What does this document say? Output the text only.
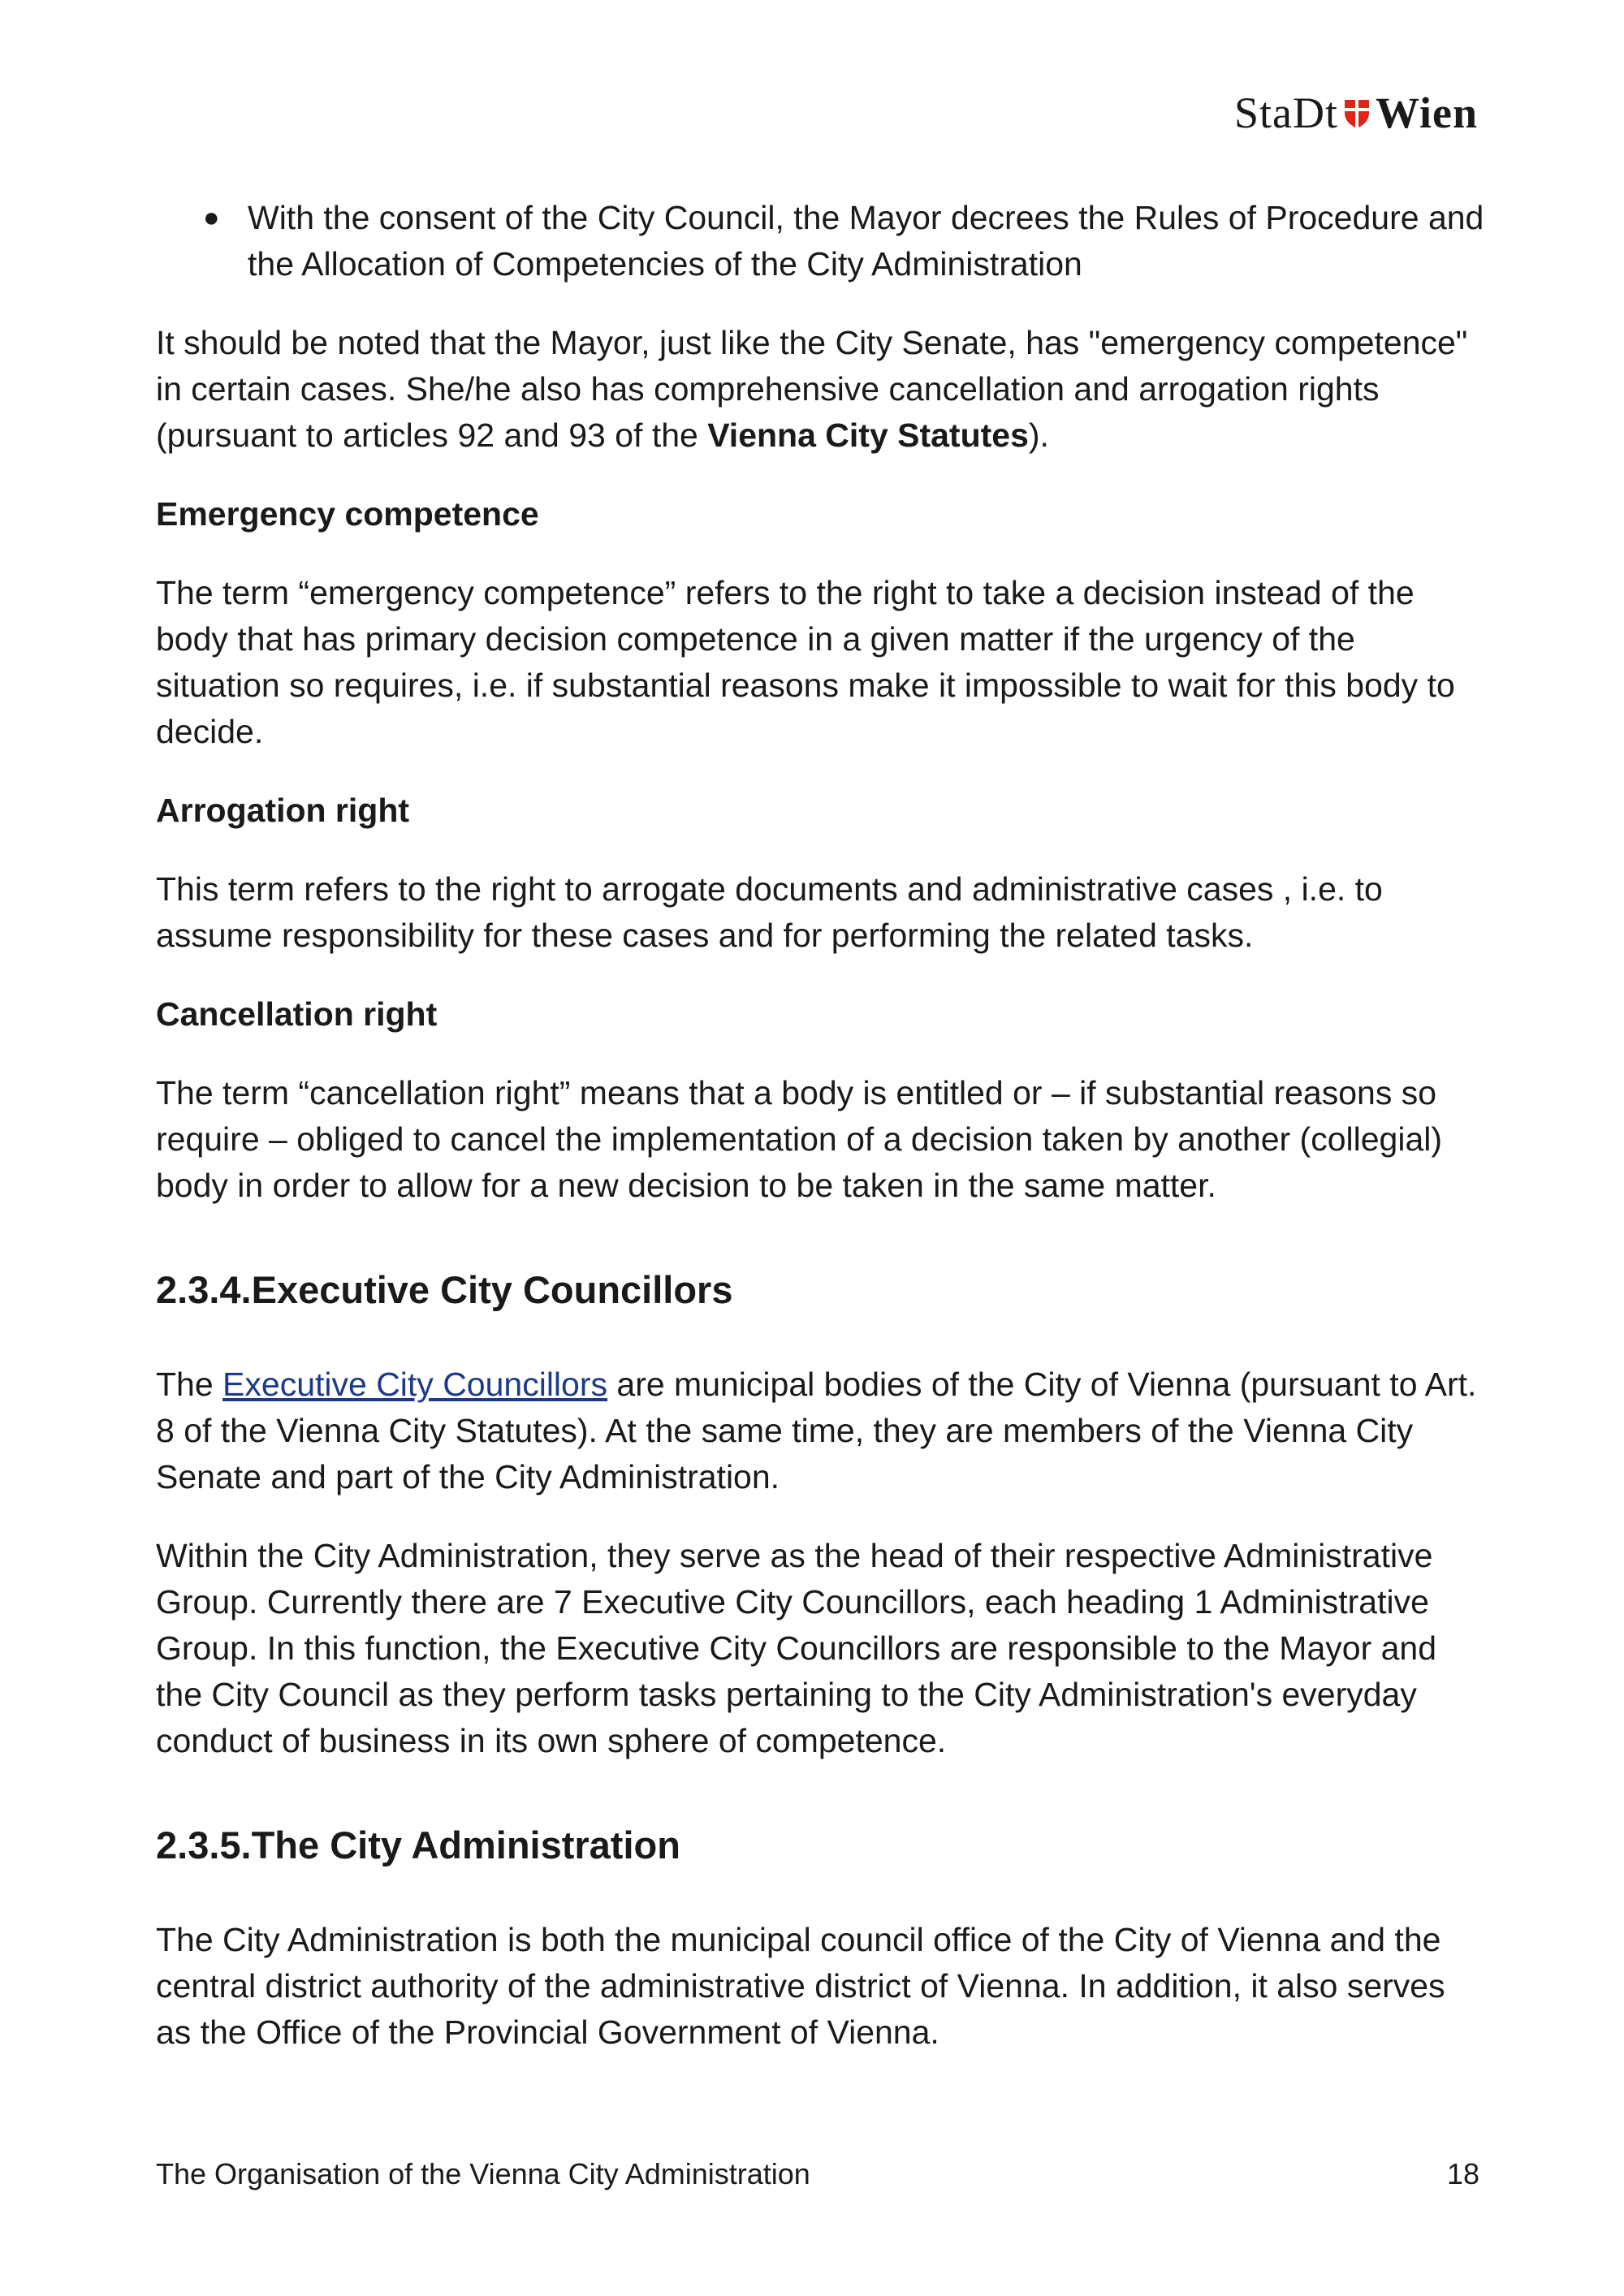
StaDt Wien
● With the consent of the City Council, the Mayor decrees the Rules of Procedure and the Allocation of Competencies of the City Administration

It should be noted that the Mayor, just like the City Senate, has "emergency competence" in certain cases. She/he also has comprehensive cancellation and arrogation rights (pursuant to articles 92 and 93 of the Vienna City Statutes).

Emergency competence

The term “emergency competence” refers to the right to take a decision instead of the body that has primary decision competence in a given matter if the urgency of the situation so requires, i.e. if substantial reasons make it impossible to wait for this body to decide.

Arrogation right

This term refers to the right to arrogate documents and administrative cases , i.e. to assume responsibility for these cases and for performing the related tasks.

Cancellation right

The term “cancellation right” means that a body is entitled or – if substantial reasons so require – obliged to cancel the implementation of a decision taken by another (collegial) body in order to allow for a new decision to be taken in the same matter.

2.3.4.Executive City Councillors

The Executive City Councillors are municipal bodies of the City of Vienna (pursuant to Art. 8 of the Vienna City Statutes). At the same time, they are members of the Vienna City Senate and part of the City Administration.

Within the City Administration, they serve as the head of their respective Administrative Group. Currently there are 7 Executive City Councillors, each heading 1 Administrative Group. In this function, the Executive City Councillors are responsible to the Mayor and the City Council as they perform tasks pertaining to the City Administration's everyday conduct of business in its own sphere of competence.

2.3.5.The City Administration

The City Administration is both the municipal council office of the City of Vienna and the central district authority of the administrative district of Vienna. In addition, it also serves as the Office of the Provincial Government of Vienna.

The Organisation of the Vienna City Administration	18
